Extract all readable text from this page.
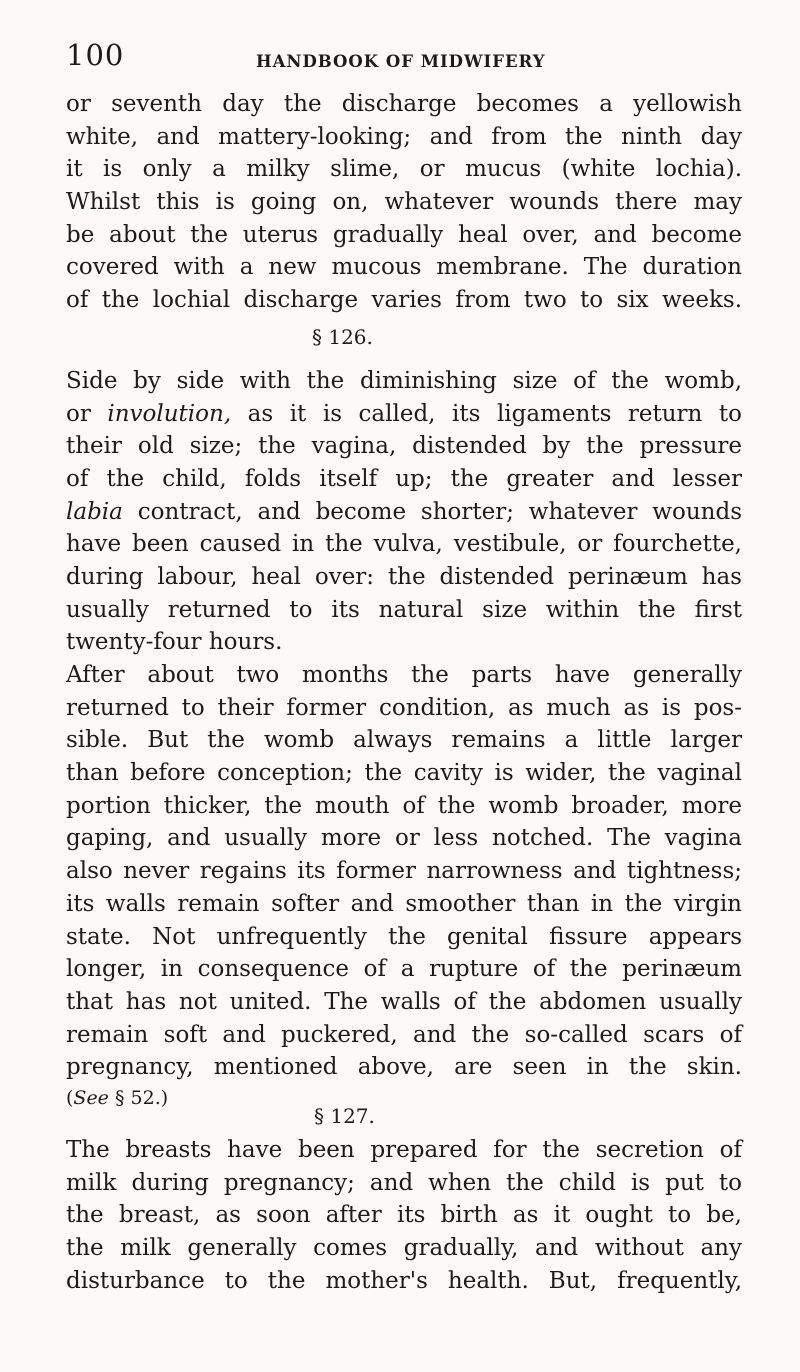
100	HANDBOOK OF MIDWIFERY
or seventh day the discharge becomes a yellowish
white, and mattery-looking; and from the ninth day
it is only a milky slime, or mucus (white lochia).
Whilst this is going on, whatever wounds there may
be about the uterus gradually heal over, and become
covered with a new mucous membrane. The duration
of the lochial discharge varies from two to six weeks.
§ 126.
Side by side with the diminishing size of the womb,
or involution, as it is called, its ligaments return to
their old size; the vagina, distended by the pressure
of the child, folds itself up; the greater and lesser
labia contract, and become shorter; whatever wounds
have been caused in the vulva, vestibule, or fourchette,
during labour, heal over: the distended perinæum has
usually returned to its natural size within the first
twenty-four hours.
After about two months the parts have generally
returned to their former condition, as much as is pos-
sible. But the womb always remains a little larger
than before conception; the cavity is wider, the vaginal
portion thicker, the mouth of the womb broader, more
gaping, and usually more or less notched. The vagina
also never regains its former narrowness and tightness;
its walls remain softer and smoother than in the virgin
state. Not unfrequently the genital fissure appears
longer, in consequence of a rupture of the perinæum
that has not united. The walls of the abdomen usually
remain soft and puckered, and the so-called scars of
pregnancy, mentioned above, are seen in the skin.
(See § 52.)
§ 127.
The breasts have been prepared for the secretion of
milk during pregnancy; and when the child is put to
the breast, as soon after its birth as it ought to be,
the milk generally comes gradually, and without any
disturbance to the mother's health. But, frequently,
